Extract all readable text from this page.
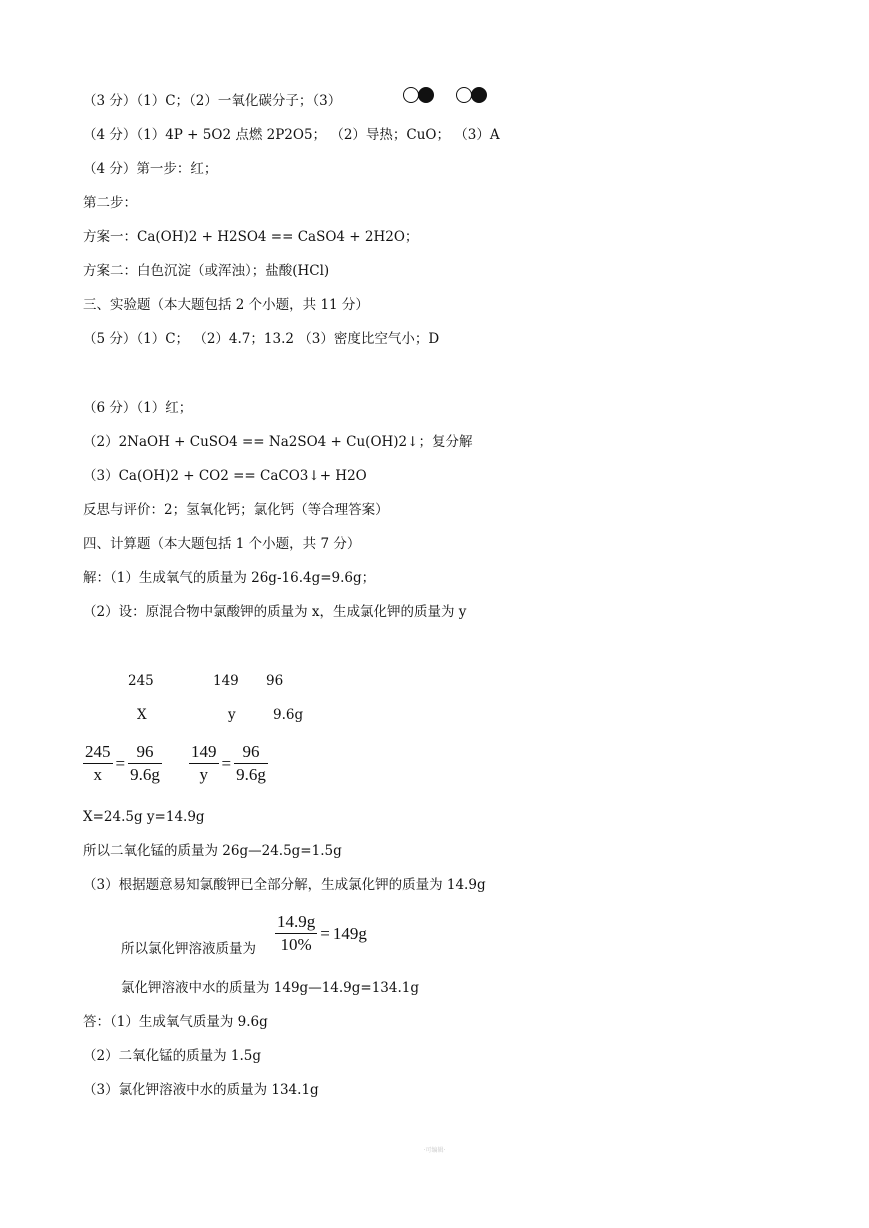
（3 分）（1）C；（2）一氧化碳分子；（3）
（4 分）（1）4P + 5O2 点燃 2P2O5； （2）导热；CuO； （3）A
（4 分）第一步：红；
第二步：
方案一：Ca(OH)2 + H2SO4 == CaSO4 + 2H2O；
方案二：白色沉淀（或浑浊）；盐酸(HCl)
三、实验题（本大题包括 2 个小题，共 11 分）
（5 分）（1）C； （2）4.7；13.2 （3）密度比空气小；D
（6 分）（1）红；
（2）2NaOH + CuSO4 == Na2SO4 + Cu(OH)2↓；复分解
（3）Ca(OH)2 + CO2 == CaCO3↓+ H2O
反思与评价：2；氢氧化钙；氯化钙（等合理答案）
四、计算题（本大题包括 1 个小题，共 7 分）
解：（1）生成氧气的质量为 26g-16.4g=9.6g；
（2）设：原混合物中氯酸钾的质量为 x，生成氯化钾的质量为 y
245	149 96
X	y	9.6g
$\frac{245}{x} = \frac{96}{9.6g} \frac{149}{y} = \frac{96}{9.6g}$
X=24.5g y=14.9g
所以二氧化锰的质量为 26g—24.5g=1.5g
（3）根据题意易知氯酸钾已全部分解，生成氯化钾的质量为 14.9g
所以氯化钾溶液质量为 $\frac{14.9g}{10\%} = 149g$
氯化钾溶液中水的质量为 149g—14.9g=134.1g
答：（1）生成氧气质量为 9.6g
（2）二氧化锰的质量为 1.5g
（3）氯化钾溶液中水的质量为 134.1g
·可编辑·
